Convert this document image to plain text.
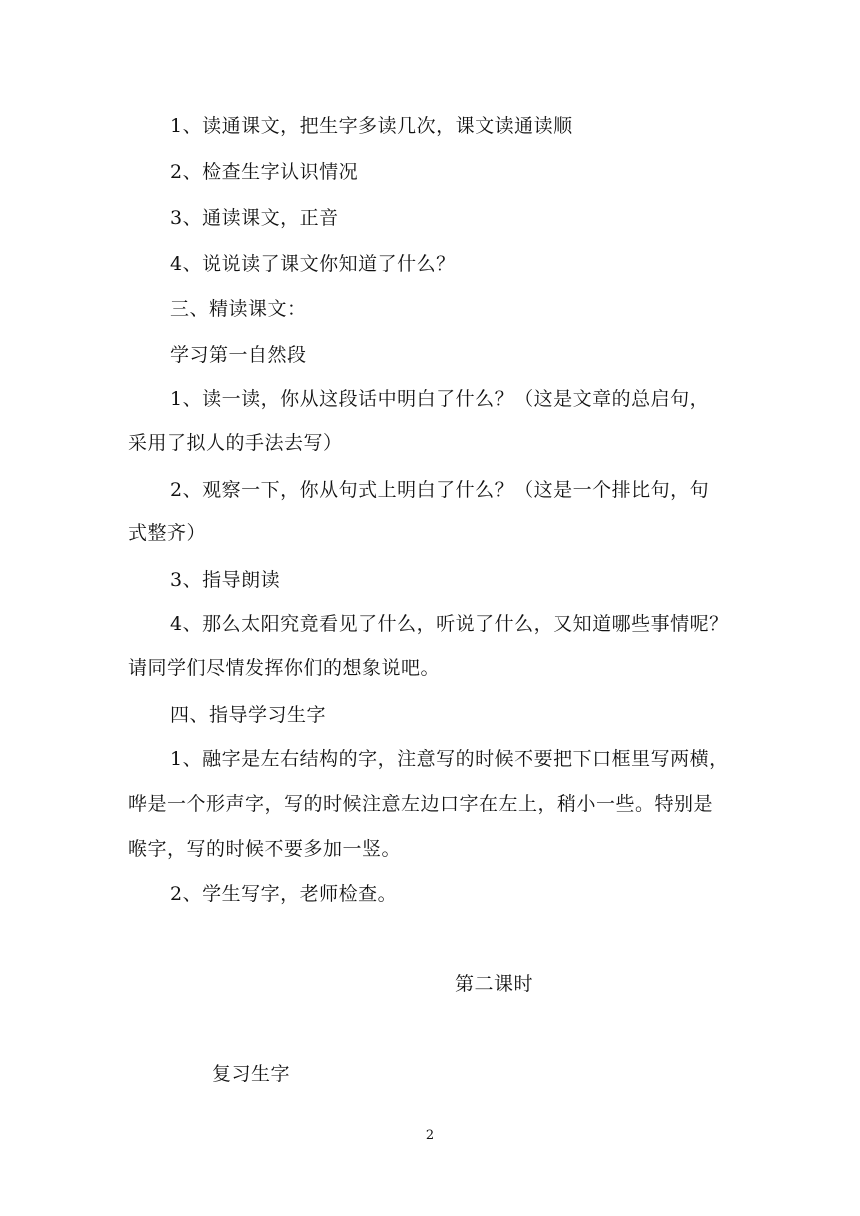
1、读通课文，把生字多读几次，课文读通读顺
2、检查生字认识情况
3、通读课文，正音
4、说说读了课文你知道了什么？
三、精读课文：
学习第一自然段
1、读一读，你从这段话中明白了什么？（这是文章的总启句，
采用了拟人的手法去写）
2、观察一下，你从句式上明白了什么？（这是一个排比句，句
式整齐）
3、指导朗读
4、那么太阳究竟看见了什么，听说了什么，又知道哪些事情呢？
请同学们尽情发挥你们的想象说吧。
四、指导学习生字
1、融字是左右结构的字，注意写的时候不要把下口框里写两横，
哗是一个形声字，写的时候注意左边口字在左上，稍小一些。特别是
喉字，写的时候不要多加一竖。
2、学生写字，老师检查。
第二课时
复习生字
2
